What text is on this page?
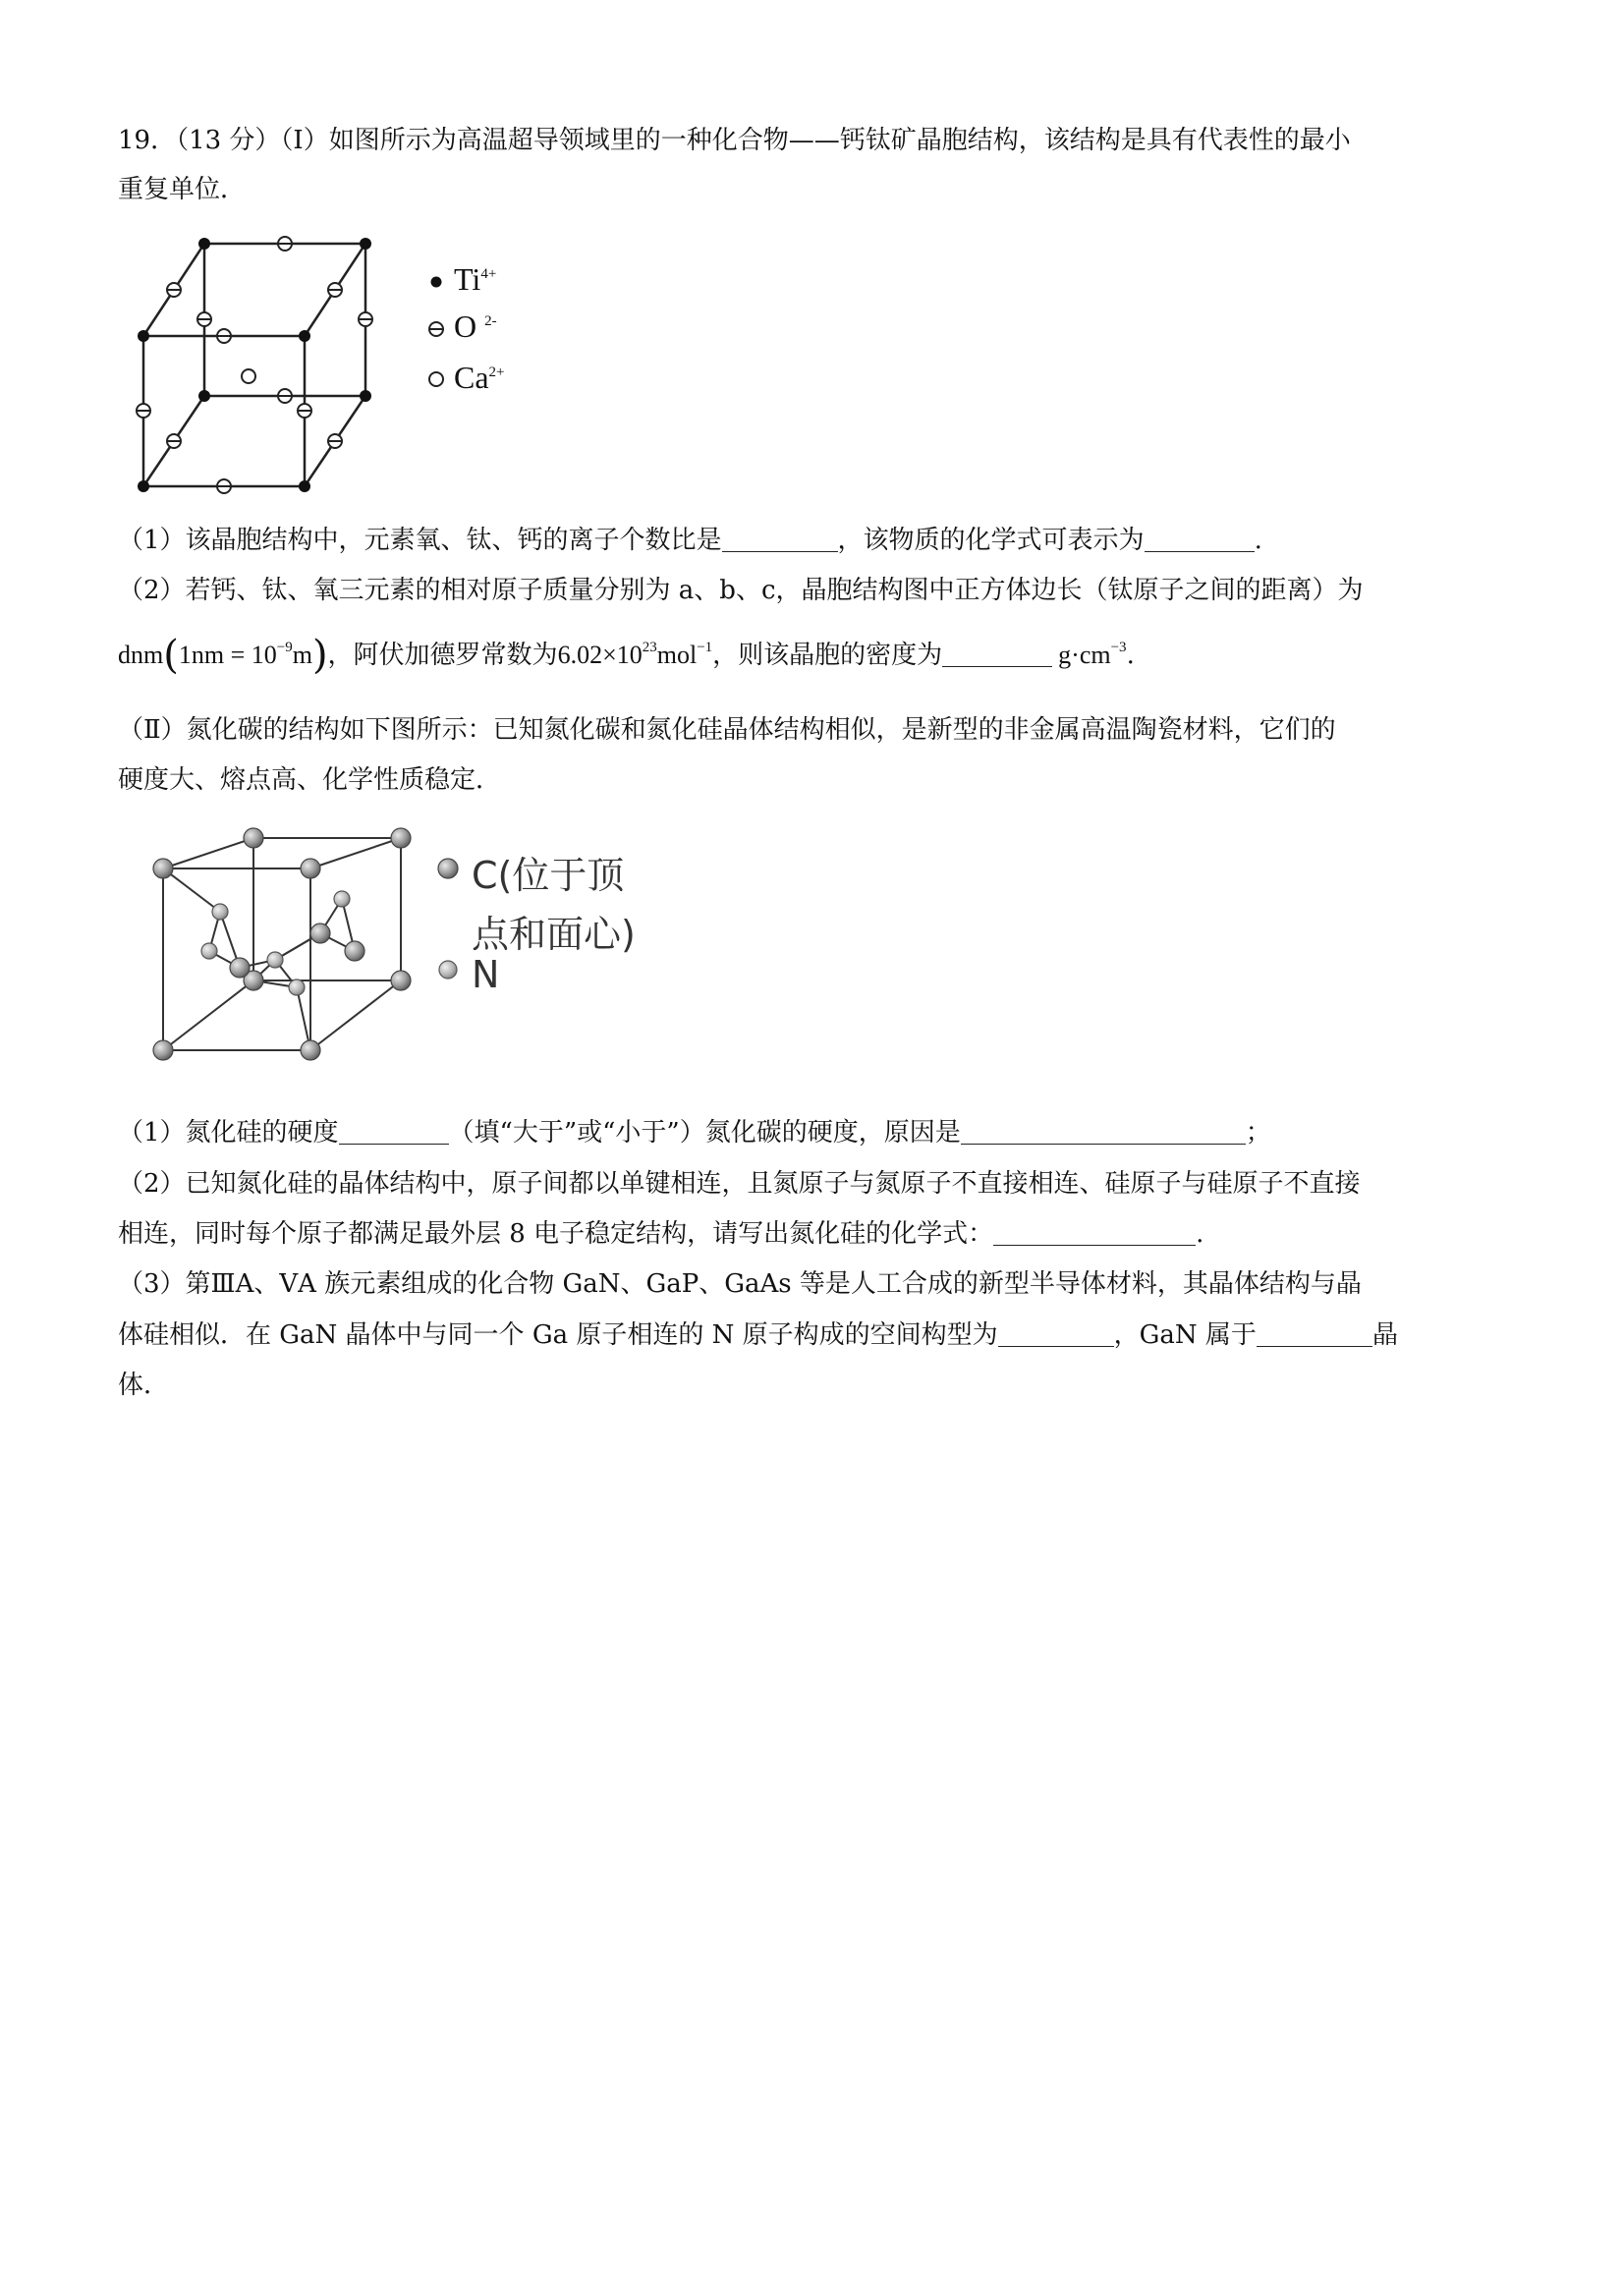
19．（13 分）（Ⅰ）如图所示为高温超导领域里的一种化合物——钙钛矿晶胞结构，该结构是具有代表性的最小
重复单位．
$Ti^{4+}$
O $^{2-}$
$Ca^{2+}$
（1）该晶胞结构中，元素氧、钛、钙的离子个数比是	，该物质的化学式可表示为	.
（2）若钙、钛、氧三元素的相对原子质量分别为 a、b、c，晶胞结构图中正方体边长（钛原子之间的距离）为
$dnm(1nm = 10^{-9}m)$，阿伏加德罗常数为$6.02\times 10^{23}mol^{-1}$，则该晶胞的密度为	$g\cdot cm^{-3}$.
（Ⅱ）氮化碳的结构如下图所示：已知氮化碳和氮化硅晶体结构相似，是新型的非金属高温陶瓷材料，它们的
硬度大、熔点高、化学性质稳定．
C(位于顶
点和面心)
N
（1）氮化硅的硬度	（填“大于”或“小于”）氮化碳的硬度，原因是	；
（2）已知氮化硅的晶体结构中，原子间都以单键相连，且氮原子与氮原子不直接相连、硅原子与硅原子不直接
相连，同时每个原子都满足最外层 8 电子稳定结构，请写出氮化硅的化学式：	.
（3）第ⅢA、ⅤA 族元素组成的化合物 GaN、GaP、GaAs 等是人工合成的新型半导体材料，其晶体结构与晶
体硅相似．在 GaN 晶体中与同一个 Ga 原子相连的 N 原子构成的空间构型为	，GaN 属于	晶
体．
